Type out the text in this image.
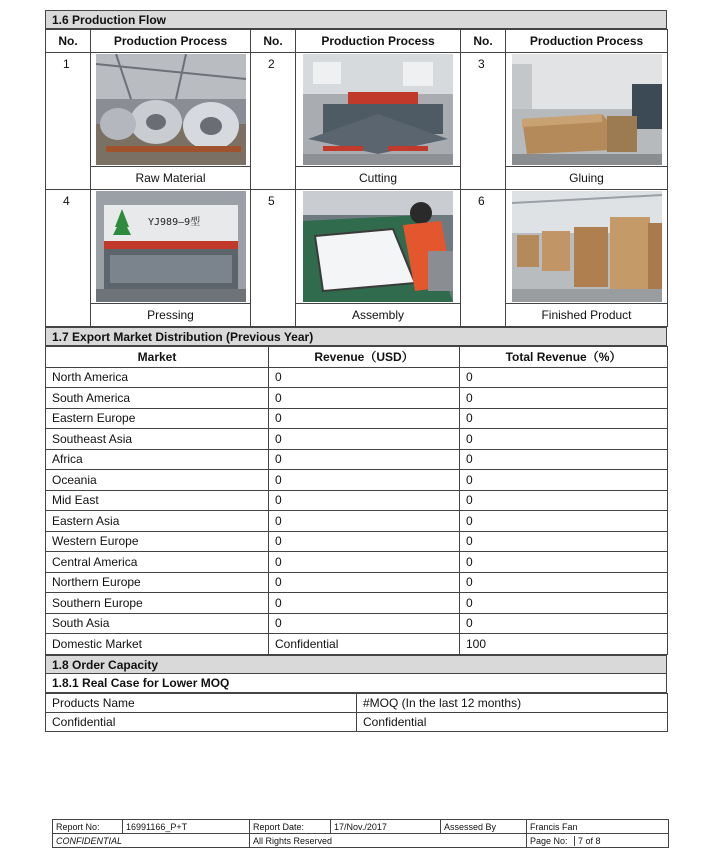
1.6 Production Flow
No.	Production Process	No.	Production Process	No.	Production Process
1		2		3	

	Raw Material		Cutting		Gluing
4	YJ989–9型	5		6	

	Pressing		Assembly		Finished Product
1.7 Export Market Distribution (Previous Year)
Market	Revenue（USD）	Total Revenue（%）
North America	0	0
South America	0	0
Eastern Europe	0	0
Southeast Asia	0	0
Africa	0	0
Oceania	0	0
Mid East	0	0
Eastern Asia	0	0
Western Europe	0	0
Central America	0	0
Northern Europe	0	0
Southern Europe	0	0
South Asia	0	0
Domestic Market	Confidential	100
1.8 Order Capacity
1.8.1 Real Case for Lower MOQ
Products Name	#MOQ (In the last 12 months)
Confidential	Confidential
Report No:	16991166_P+T	Report Date:	17/Nov./2017	Assessed By	Francis Fan
CONFIDENTIAL		All Rights Reserved			Page No: 7 of 8
